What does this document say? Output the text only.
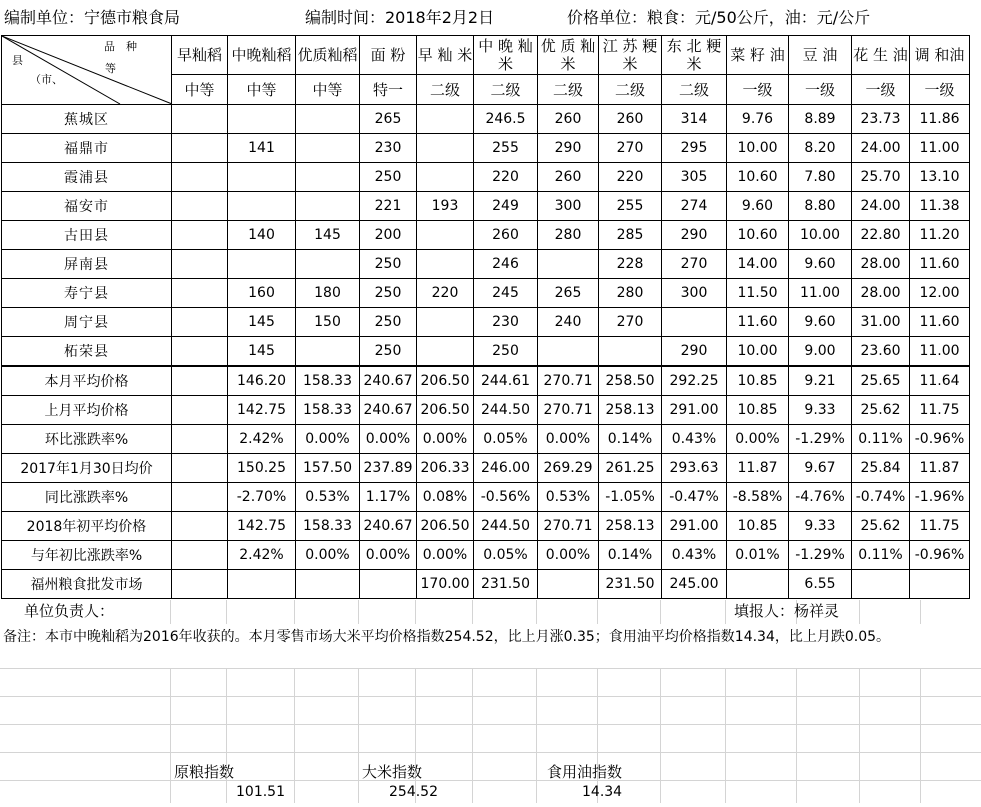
编制单位：宁德市粮食局	编制时间：2018年2月2日	价格单位：粮食：元/50公斤，油：元/公斤
品　种
县
等
（市、	早籼稻	中晚籼稻	优质籼稻	面 粉	早 籼 米	中 晚 籼 米	优 质 籼 米	江 苏 粳 米	东 北 粳 米	菜 籽 油	豆 油	花 生 油	调 和油
	中等	中等	中等	特一	二级	二级	二级	二级	二级	一级	一级	一级	一级
蕉城区				265		246.5	260	260	314	9.76	8.89	23.73	11.86
福鼎市		141		230		255	290	270	295	10.00	8.20	24.00	11.00
霞浦县				250		220	260	220	305	10.60	7.80	25.70	13.10
福安市				221	193	249	300	255	274	9.60	8.80	24.00	11.38
古田县		140	145	200		260	280	285	290	10.60	10.00	22.80	11.20
屏南县				250		246		228	270	14.00	9.60	28.00	11.60
寿宁县		160	180	250	220	245	265	280	300	11.50	11.00	28.00	12.00
周宁县		145	150	250		230	240	270		11.60	9.60	31.00	11.60
柘荣县		145		250		250			290	10.00	9.00	23.60	11.00
本月平均价格		146.20	158.33	240.67	206.50	244.61	270.71	258.50	292.25	10.85	9.21	25.65	11.64
上月平均价格		142.75	158.33	240.67	206.50	244.50	270.71	258.13	291.00	10.85	9.33	25.62	11.75
环比涨跌率%		2.42%	0.00%	0.00%	0.00%	0.05%	0.00%	0.14%	0.43%	0.00%	-1.29%	0.11%	-0.96%
2017年1月30日均价		150.25	157.50	237.89	206.33	246.00	269.29	261.25	293.63	11.87	9.67	25.84	11.87
同比涨跌率%		-2.70%	0.53%	1.17%	0.08%	-0.56%	0.53%	-1.05%	-0.47%	-8.58%	-4.76%	-0.74%	-1.96%
2018年初平均价格		142.75	158.33	240.67	206.50	244.50	270.71	258.13	291.00	10.85	9.33	25.62	11.75
与年初比涨跌率%		2.42%	0.00%	0.00%	0.00%	0.05%	0.00%	0.14%	0.43%	0.01%	-1.29%	0.11%	-0.96%
福州粮食批发市场					170.00	231.50		231.50	245.00		6.55		
单位负责人：	填报人：杨祥灵
备注：本市中晚籼稻为2016年收获的。本月零售市场大米平均价格指数254.52，比上月涨0.35；食用油平均价格指数14.34，比上月跌0.05。
原粮指数
101.51
大米指数
254.52
食用油指数
14.34
